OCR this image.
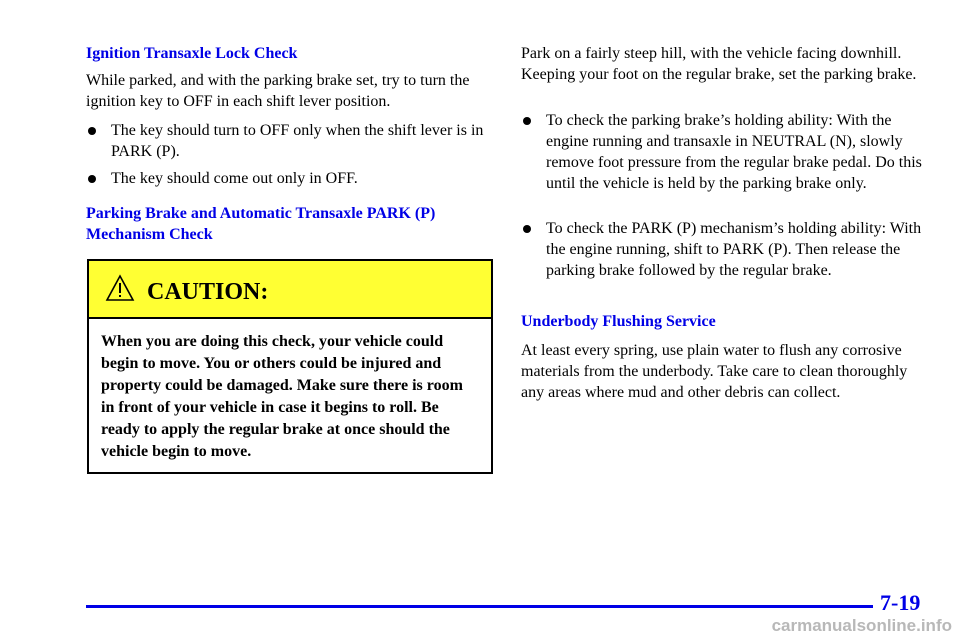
Ignition Transaxle Lock Check

While parked, and with the parking brake set, try to turn the ignition key to OFF in each shift lever position.

The key should turn to OFF only when the shift lever is in PARK (P).
The key should come out only in OFF.

Parking Brake and Automatic Transaxle PARK (P) Mechanism Check

CAUTION:

When you are doing this check, your vehicle could begin to move. You or others could be injured and property could be damaged. Make sure there is room in front of your vehicle in case it begins to roll. Be ready to apply the regular brake at once should the vehicle begin to move.

Park on a fairly steep hill, with the vehicle facing downhill. Keeping your foot on the regular brake, set the parking brake.

To check the parking brake’s holding ability: With the engine running and transaxle in NEUTRAL (N), slowly remove foot pressure from the regular brake pedal. Do this until the vehicle is held by the parking brake only.
To check the PARK (P) mechanism’s holding ability: With the engine running, shift to PARK (P). Then release the parking brake followed by the regular brake.

Underbody Flushing Service

At least every spring, use plain water to flush any corrosive materials from the underbody. Take care to clean thoroughly any areas where mud and other debris can collect.

7-19

carmanualsonline.info
